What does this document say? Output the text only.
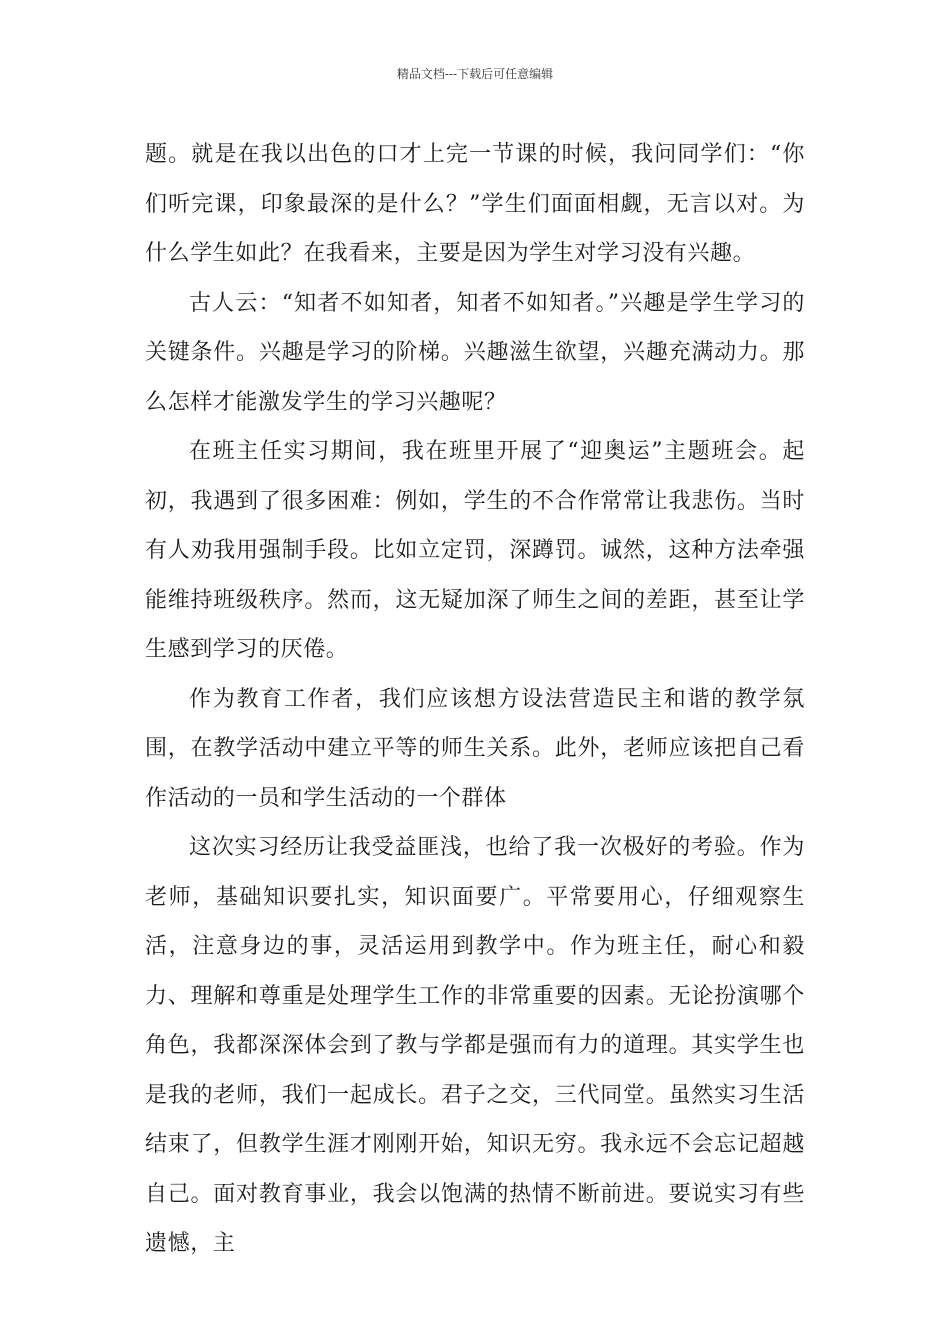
精品文档---下载后可任意编辑

题。就是在我以出色的口才上完一节课的时候，我问同学们：“你们听完课，印象最深的是什么？”学生们面面相觑，无言以对。为什么学生如此？在我看来，主要是因为学生对学习没有兴趣。

古人云：“知者不如知者，知者不如知者。”兴趣是学生学习的关键条件。兴趣是学习的阶梯。兴趣滋生欲望，兴趣充满动力。那么怎样才能激发学生的学习兴趣呢？

在班主任实习期间，我在班里开展了“迎奥运”主题班会。起初，我遇到了很多困难：例如，学生的不合作常常让我悲伤。当时有人劝我用强制手段。比如立定罚，深蹲罚。诚然，这种方法牵强能维持班级秩序。然而，这无疑加深了师生之间的差距，甚至让学生感到学习的厌倦。

作为教育工作者，我们应该想方设法营造民主和谐的教学氛围，在教学活动中建立平等的师生关系。此外，老师应该把自己看作活动的一员和学生活动的一个群体

这次实习经历让我受益匪浅，也给了我一次极好的考验。作为老师，基础知识要扎实，知识面要广。平常要用心，仔细观察生活，注意身边的事，灵活运用到教学中。作为班主任，耐心和毅力、理解和尊重是处理学生工作的非常重要的因素。无论扮演哪个角色，我都深深体会到了教与学都是强而有力的道理。其实学生也是我的老师，我们一起成长。君子之交，三代同堂。虽然实习生活结束了，但教学生涯才刚刚开始，知识无穷。我永远不会忘记超越自己。面对教育事业，我会以饱满的热情不断前进。要说实习有些遗憾，主
